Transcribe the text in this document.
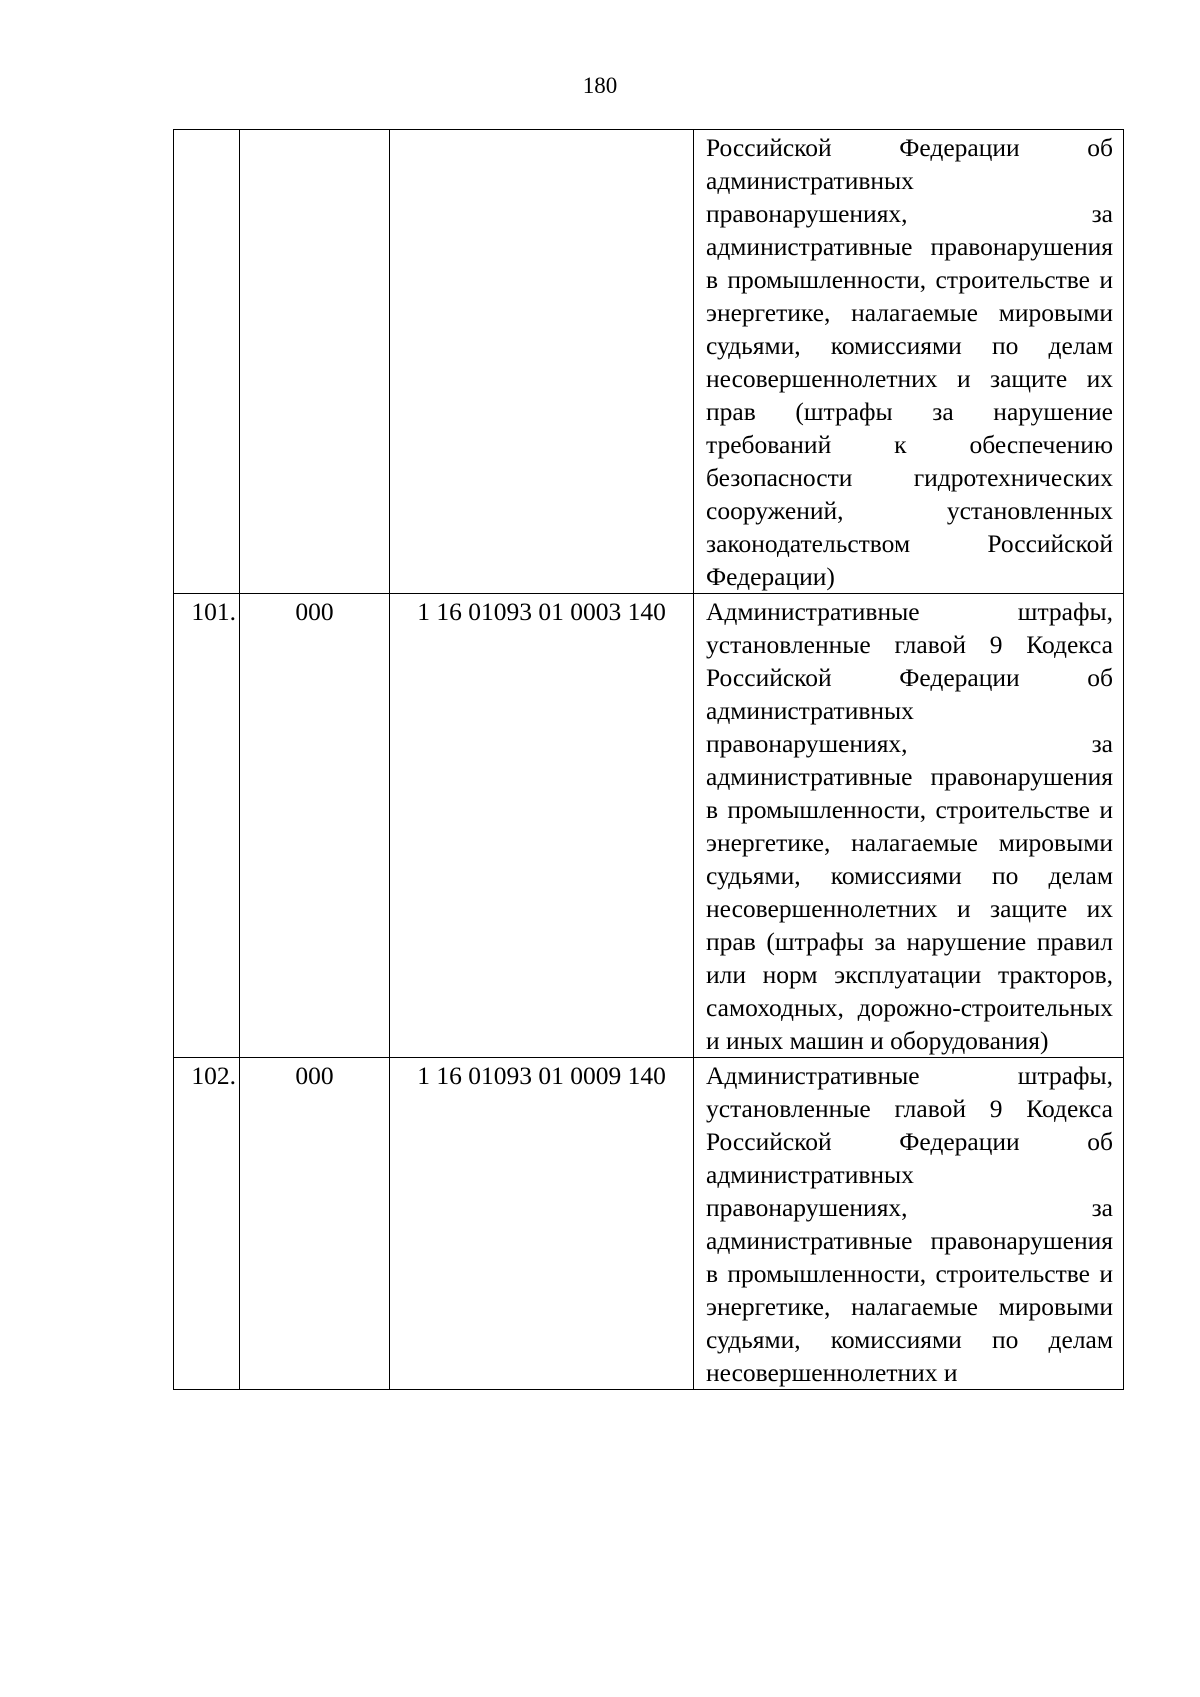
180
			Российской Федерации об административных правонарушениях, за административные правонарушения в промышленности, строительстве и энергетике, налагаемые мировыми судьями, комиссиями по делам несовершеннолетних и защите их прав (штрафы за нарушение требований к обеспечению безопасности гидротехнических сооружений, установленных законодательством Российской Федерации)
101.	000	1 16 01093 01 0003 140	Административные штрафы, установленные главой 9 Кодекса Российской Федерации об административных правонарушениях, за административные правонарушения в промышленности, строительстве и энергетике, налагаемые мировыми судьями, комиссиями по делам несовершеннолетних и защите их прав (штрафы за нарушение правил или норм эксплуатации тракторов, самоходных, дорожно-строительных и иных машин и оборудования)
102.	000	1 16 01093 01 0009 140	Административные штрафы, установленные главой 9 Кодекса Российской Федерации об административных правонарушениях, за административные правонарушения в промышленности, строительстве и энергетике, налагаемые мировыми судьями, комиссиями по делам несовершеннолетних и
